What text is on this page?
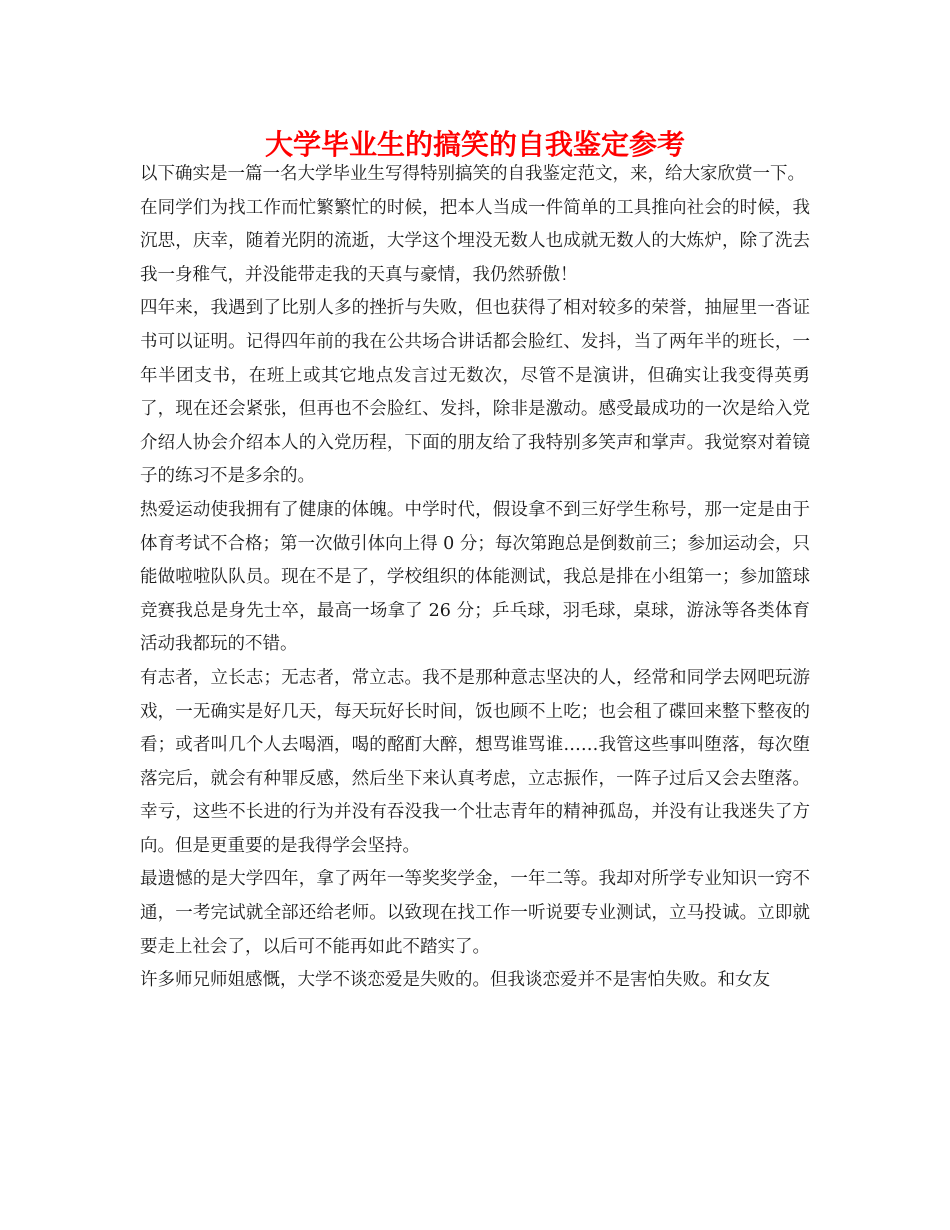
大学毕业生的搞笑的自我鉴定参考

以下确实是一篇一名大学毕业生写得特别搞笑的自我鉴定范文，来，给大家欣赏一下。

在同学们为找工作而忙繁繁忙的时候，把本人当成一件简单的工具推向社会的时候，我沉思，庆幸，随着光阴的流逝，大学这个埋没无数人也成就无数人的大炼炉，除了洗去我一身稚气，并没能带走我的天真与豪情，我仍然骄傲！

四年来，我遇到了比别人多的挫折与失败，但也获得了相对较多的荣誉，抽屉里一沓证书可以证明。记得四年前的我在公共场合讲话都会脸红、发抖，当了两年半的班长，一年半团支书，在班上或其它地点发言过无数次，尽管不是演讲，但确实让我变得英勇了，现在还会紧张，但再也不会脸红、发抖，除非是激动。感受最成功的一次是给入党介绍人协会介绍本人的入党历程，下面的朋友给了我特别多笑声和掌声。我觉察对着镜子的练习不是多余的。

热爱运动使我拥有了健康的体魄。中学时代，假设拿不到三好学生称号，那一定是由于体育考试不合格；第一次做引体向上得 0 分；每次第跑总是倒数前三；参加运动会，只能做啦啦队队员。现在不是了，学校组织的体能测试，我总是排在小组第一；参加篮球竞赛我总是身先士卒，最高一场拿了 26 分；乒乓球，羽毛球，桌球，游泳等各类体育活动我都玩的不错。

有志者，立长志；无志者，常立志。我不是那种意志坚决的人，经常和同学去网吧玩游戏，一无确实是好几天，每天玩好长时间，饭也顾不上吃；也会租了碟回来整下整夜的看；或者叫几个人去喝酒，喝的酩酊大醉，想骂谁骂谁……我管这些事叫堕落，每次堕落完后，就会有种罪反感，然后坐下来认真考虑，立志振作，一阵子过后又会去堕落。幸亏，这些不长进的行为并没有吞没我一个壮志青年的精神孤岛，并没有让我迷失了方向。但是更重要的是我得学会坚持。

最遗憾的是大学四年，拿了两年一等奖奖学金，一年二等。我却对所学专业知识一窍不通，一考完试就全部还给老师。以致现在找工作一听说要专业测试，立马投诚。立即就要走上社会了，以后可不能再如此不踏实了。

许多师兄师姐感慨，大学不谈恋爱是失败的。但我谈恋爱并不是害怕失败。和女友
